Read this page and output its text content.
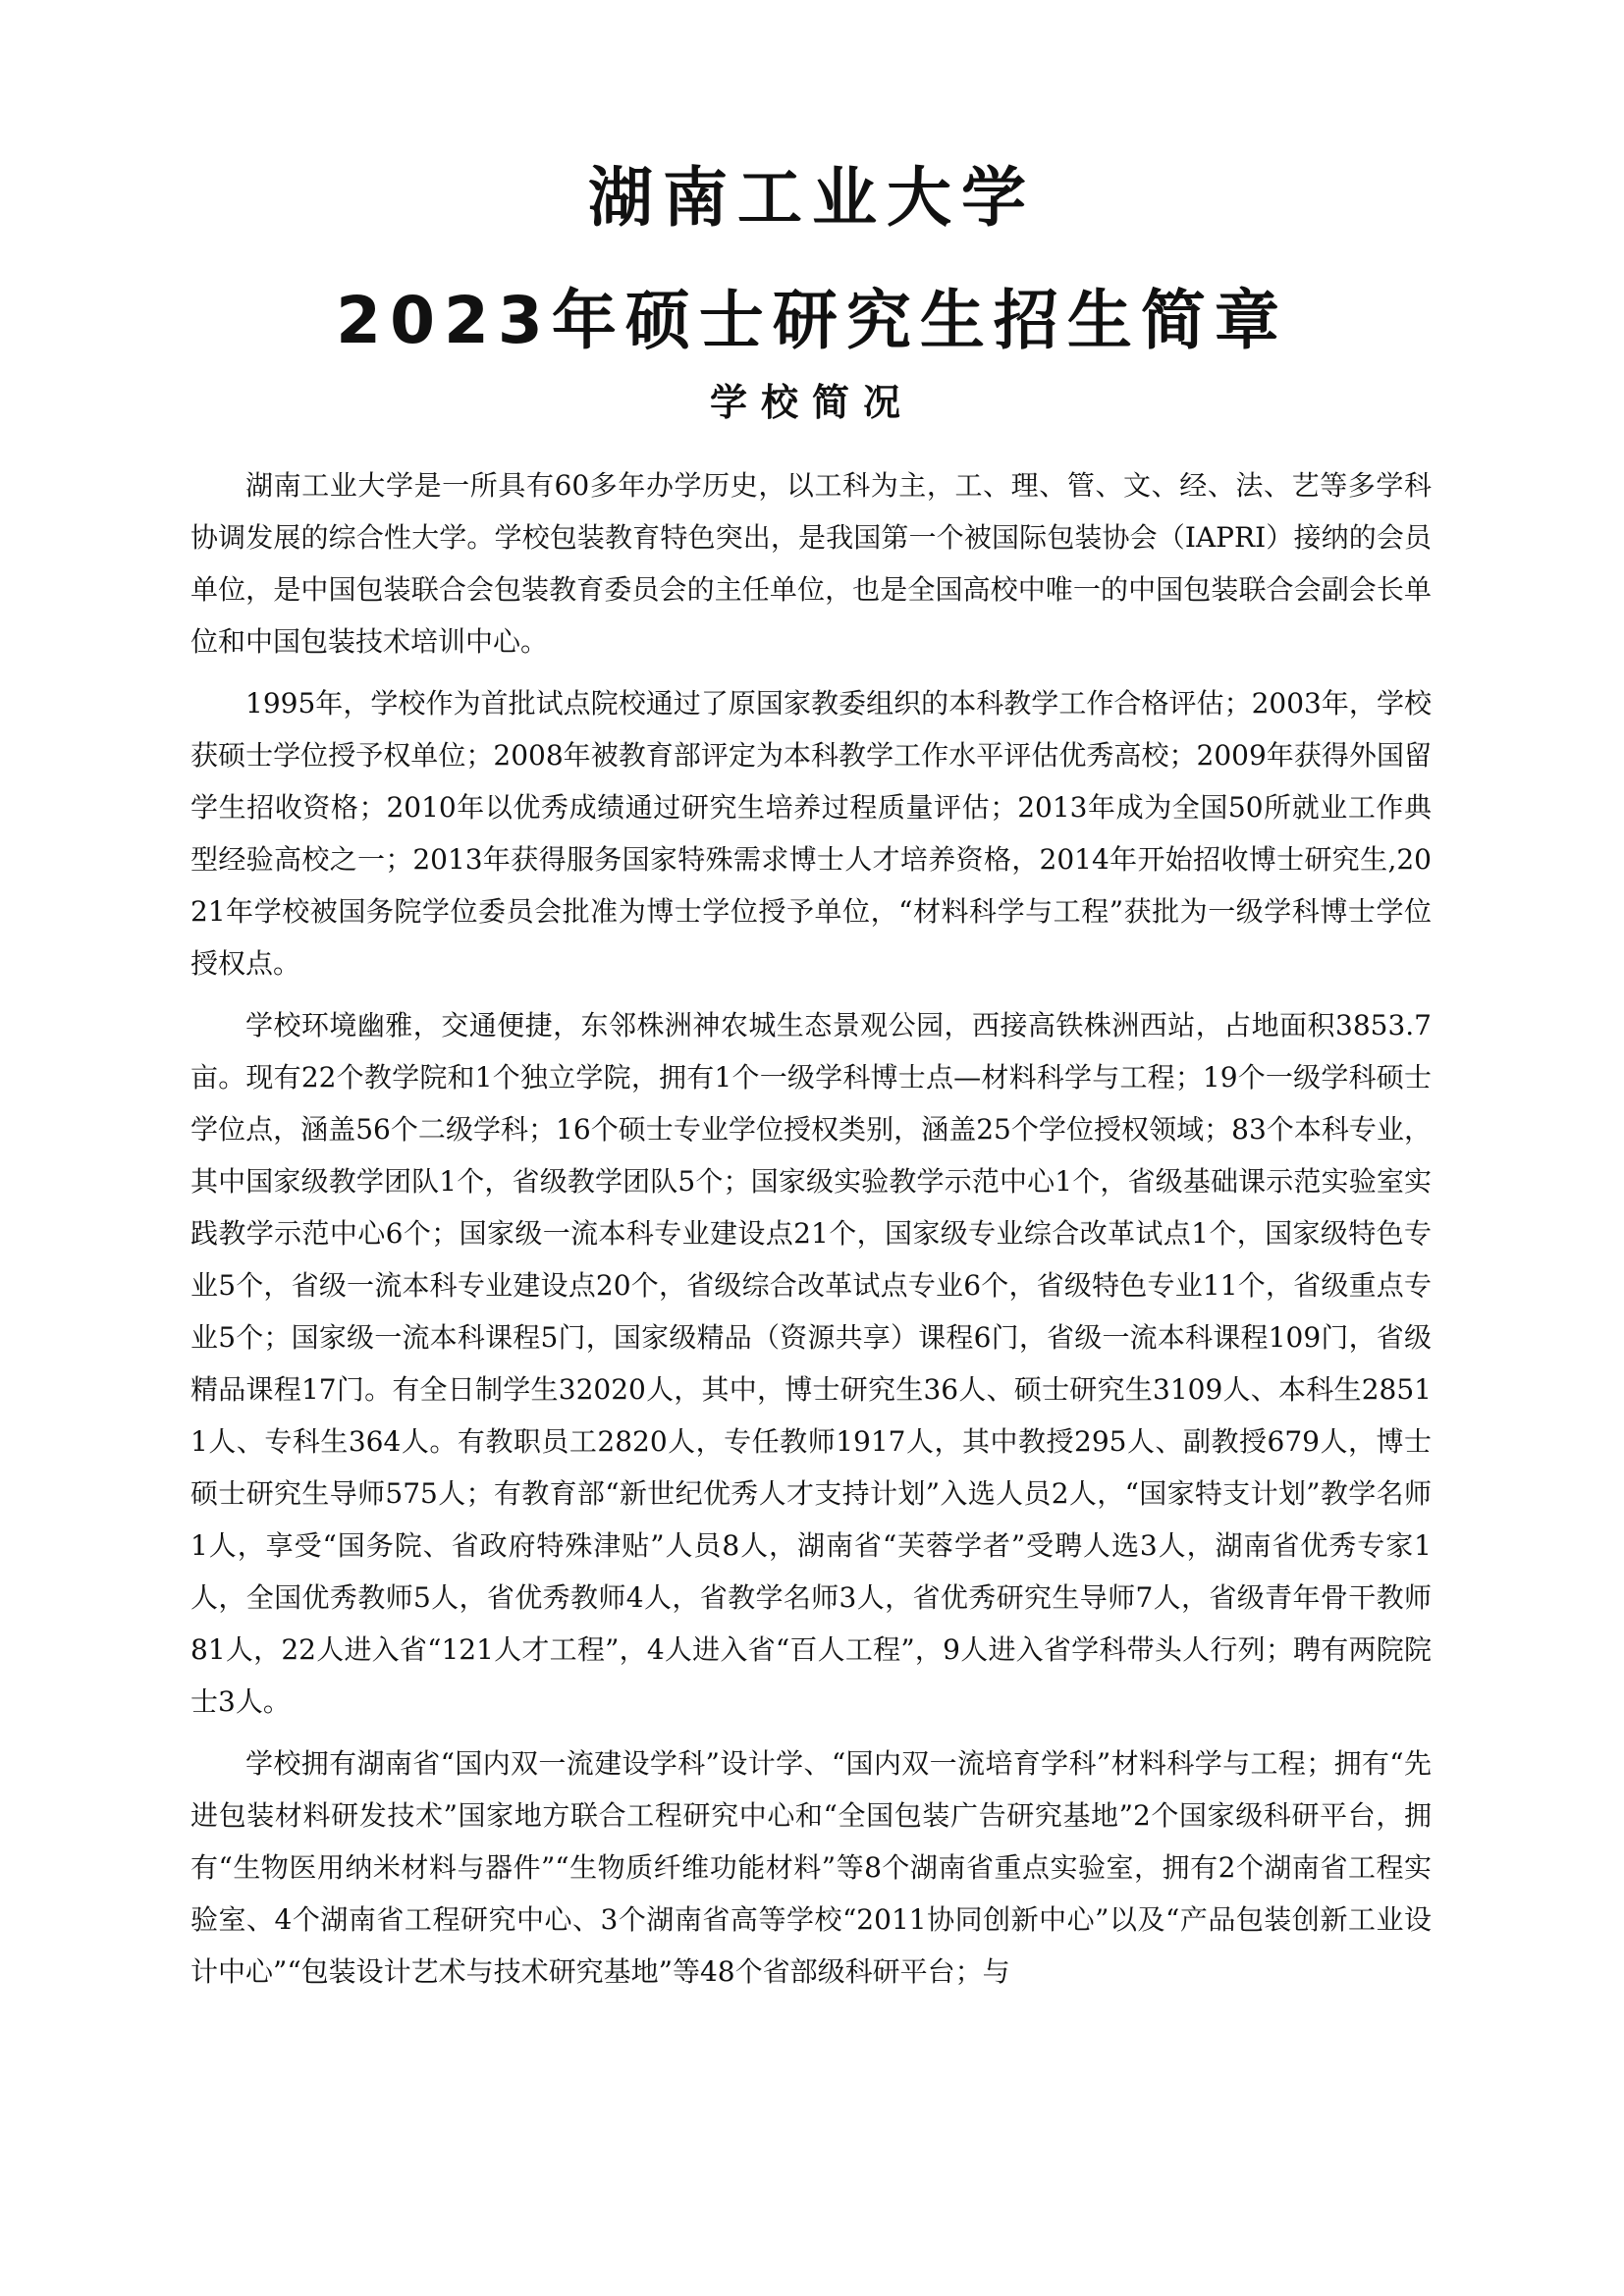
湖南工业大学
2023年硕士研究生招生简章
学校简况

湖南工业大学是一所具有60多年办学历史，以工科为主，工、理、管、文、经、法、艺等多学科协调发展的综合性大学。学校包装教育特色突出，是我国第一个被国际包装协会（IAPRI）接纳的会员单位，是中国包装联合会包装教育委员会的主任单位，也是全国高校中唯一的中国包装联合会副会长单位和中国包装技术培训中心。

1995年，学校作为首批试点院校通过了原国家教委组织的本科教学工作合格评估；2003年，学校获硕士学位授予权单位；2008年被教育部评定为本科教学工作水平评估优秀高校；2009年获得外国留学生招收资格；2010年以优秀成绩通过研究生培养过程质量评估；2013年成为全国50所就业工作典型经验高校之一；2013年获得服务国家特殊需求博士人才培养资格，2014年开始招收博士研究生,2021年学校被国务院学位委员会批准为博士学位授予单位，“材料科学与工程”获批为一级学科博士学位授权点。

学校环境幽雅，交通便捷，东邻株洲神农城生态景观公园，西接高铁株洲西站，占地面积3853.7亩。现有22个教学院和1个独立学院，拥有1个一级学科博士点—材料科学与工程；19个一级学科硕士学位点，涵盖56个二级学科；16个硕士专业学位授权类别，涵盖25个学位授权领域；83个本科专业，其中国家级教学团队1个，省级教学团队5个；国家级实验教学示范中心1个，省级基础课示范实验室实践教学示范中心6个；国家级一流本科专业建设点21个，国家级专业综合改革试点1个，国家级特色专业5个，省级一流本科专业建设点20个，省级综合改革试点专业6个，省级特色专业11个，省级重点专业5个；国家级一流本科课程5门，国家级精品（资源共享）课程6门，省级一流本科课程109门，省级精品课程17门。有全日制学生32020人，其中，博士研究生36人、硕士研究生3109人、本科生28511人、专科生364人。有教职员工2820人，专任教师1917人，其中教授295人、副教授679人，博士硕士研究生导师575人；有教育部“新世纪优秀人才支持计划”入选人员2人，“国家特支计划”教学名师1人，享受“国务院、省政府特殊津贴”人员8人，湖南省“芙蓉学者”受聘人选3人，湖南省优秀专家1人，全国优秀教师5人，省优秀教师4人，省教学名师3人，省优秀研究生导师7人，省级青年骨干教师81人，22人进入省“121人才工程”，4人进入省“百人工程”，9人进入省学科带头人行列；聘有两院院士3人。

学校拥有湖南省“国内双一流建设学科”设计学、“国内双一流培育学科”材料科学与工程；拥有“先进包装材料研发技术”国家地方联合工程研究中心和“全国包装广告研究基地”2个国家级科研平台，拥有“生物医用纳米材料与器件”“生物质纤维功能材料”等8个湖南省重点实验室，拥有2个湖南省工程实验室、4个湖南省工程研究中心、3个湖南省高等学校“2011协同创新中心”以及“产品包装创新工业设计中心”“包装设计艺术与技术研究基地”等48个省部级科研平台；与
